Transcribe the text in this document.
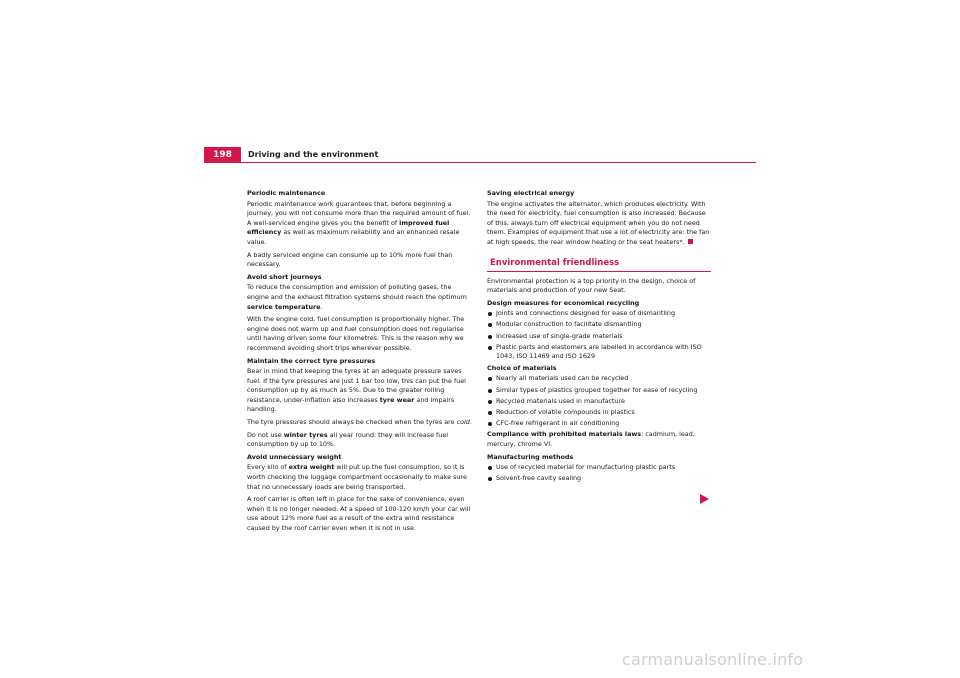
198	Driving and the environment
Periodic maintenance

Periodic maintenance work guarantees that, before beginning a journey, you will not consume more than the required amount of fuel. A well-serviced engine gives you the benefit of improved fuel efficiency as well as maximum reliability and an enhanced resale value.

A badly serviced engine can consume up to 10% more fuel than necessary.

Avoid short journeys

To reduce the consumption and emission of polluting gases, the engine and the exhaust filtration systems should reach the optimum service temperature.

With the engine cold, fuel consumption is proportionally higher. The engine does not warm up and fuel consumption does not regularise until having driven some four kilometres. This is the reason why we recommend avoiding short trips wherever possible.

Maintain the correct tyre pressures

Bear in mind that keeping the tyres at an adequate pressure saves fuel. If the tyre pressures are just 1 bar too low, this can put the fuel consumption up by as much as 5%. Due to the greater rolling resistance, under-inflation also increases tyre wear and impairs handling.

The tyre pressures should always be checked when the tyres are cold.

Do not use winter tyres all year round: they will increase fuel consumption by up to 10%.

Avoid unnecessary weight

Every kilo of extra weight will put up the fuel consumption, so it is worth checking the luggage compartment occasionally to make sure that no unnecessary loads are being transported.

A roof carrier is often left in place for the sake of convenience, even when it is no longer needed. At a speed of 100-120 km/h your car will use about 12% more fuel as a result of the extra wind resistance caused by the roof carrier even when it is not in use.

Saving electrical energy

The engine activates the alternator, which produces electricity. With the need for electricity, fuel consumption is also increased. Because of this, always turn off electrical equipment when you do not need them. Examples of equipment that use a lot of electricity are: the fan at high speeds, the rear window heating or the seat heaters*.

Environmental friendliness

Environmental protection is a top priority in the design, choice of materials and production of your new Seat.

Design measures for economical recycling
Joints and connections designed for ease of dismantling
Modular construction to facilitate dismantling
Increased use of single-grade materials
Plastic parts and elastomers are labelled in accordance with ISO 1043, ISO 11469 and ISO 1629
Choice of materials
Nearly all materials used can be recycled
Similar types of plastics grouped together for ease of recycling
Recycled materials used in manufacture
Reduction of volatile compounds in plastics
CFC-free refrigerant in air conditioning

Compliance with prohibited materials laws: cadmium, lead, mercury, chrome VI.

Manufacturing methods
Use of recycled material for manufacturing plastic parts
Solvent-free cavity sealing
carmanualsonline.info
